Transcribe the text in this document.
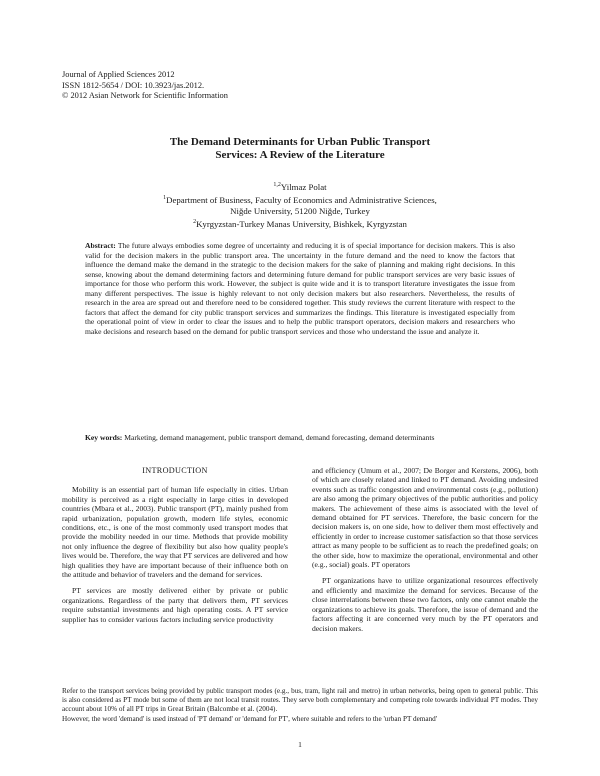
Journal of Applied Sciences 2012
ISSN 1812-5654 / DOI: 10.3923/jas.2012.
© 2012 Asian Network for Scientific Information
The Demand Determinants for Urban Public Transport
Services: A Review of the Literature
$^{1,2}$Yilmaz Polat
$^1$Department of Business, Faculty of Economics and Administrative Sciences,
Niğde University, 51200 Niğde, Turkey
$^2$Kyrgyzstan-Turkey Manas University, Bishkek, Kyrgyzstan
Abstract: The future always embodies some degree of uncertainty and reducing it is of special importance for decision makers. This is also valid for the decision makers in the public transport area. The uncertainty in the future demand and the need to know the factors that influence the demand make the demand in the strategic to the decision makers for the sake of planning and making right decisions. In this sense, knowing about the demand determining factors and determining future demand for public transport services are very basic issues of importance for those who perform this work. However, the subject is quite wide and it is to transport literature investigates the issue from many different perspectives. The issue is highly relevant to not only decision makers but also researchers. Nevertheless, the results of research in the area are spread out and therefore need to be considered together. This study reviews the current literature with respect to the factors that affect the demand for city public transport services and summarizes the findings. This literature is investigated especially from the operational point of view in order to clear the issues and to help the public transport operators, decision makers and researchers who make decisions and research based on the demand for public transport services and those who understand the issue and analyze it.
Key words: Marketing, demand management, public transport demand, demand forecasting, demand determinants
INTRODUCTION

Mobility is an essential part of human life especially in cities. Urban mobility is perceived as a right especially in large cities in developed countries (Mbara et al., 2003). Public transport (PT), mainly pushed from rapid urbanization, population growth, modern life styles, economic conditions, etc., is one of the most commonly used transport modes that provide the mobility needed in our time. Methods that provide mobility not only influence the degree of flexibility but also how quality people's lives would be. Therefore, the way that PT services are delivered and how high qualities they have are important because of their influence both on the attitude and behavior of travelers and the demand for services.

PT services are mostly delivered either by private or public organizations. Regardless of the party that delivers them, PT services require substantial investments and high operating costs. A PT service supplier has to consider various factors including service productivity

and efficiency (Umum et al., 2007; De Borger and Kerstens, 2006), both of which are closely related and linked to PT demand. Avoiding undesired events such as traffic congestion and environmental costs (e.g., pollution) are also among the primary objectives of the public authorities and policy makers. The achievement of these aims is associated with the level of demand obtained for PT services. Therefore, the basic concern for the decision makers is, on one side, how to deliver them most effectively and efficiently in order to increase customer satisfaction so that those services attract as many people to be sufficient as to reach the predefined goals; on the other side, how to maximize the operational, environmental and other (e.g., social) goals. PT operators

PT organizations have to utilize organizational resources effectively and efficiently and maximize the demand for services. Because of the close interrelations between these two factors, only one cannot enable the organizations to achieve its goals. Therefore, the issue of demand and the factors affecting it are concerned very much by the PT operators and decision makers.

Refer to the transport services being provided by public transport modes (e.g., bus, tram, light rail and metro) in urban networks, being open to general public. This is also considered as PT mode but some of them are not local transit routes. They serve both complementary and competing role towards individual PT modes. They account about 10% of all PT trips in Great Britain (Balcombe et al. (2004).

However, the word 'demand' is used instead of 'PT demand' or 'demand for PT', where suitable and refers to the 'urban PT demand'

1
